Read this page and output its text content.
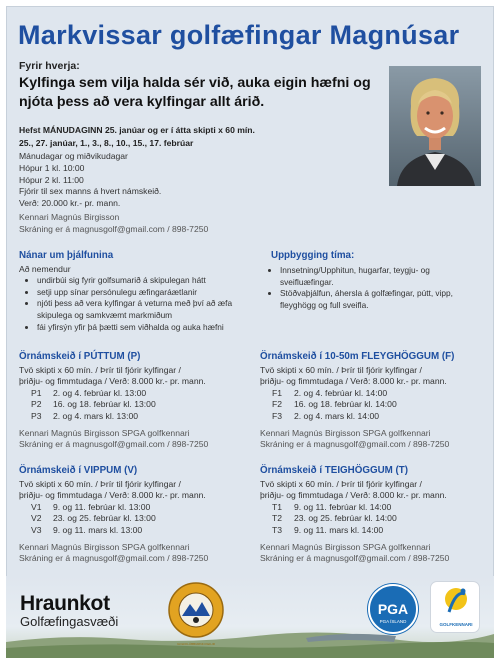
Markvissar golfæfingar Magnúsar
Fyrir hverja:
Kylfinga sem vilja halda sér við, auka eigin hæfni og njóta þess að vera kylfingar allt árið.
Hefst MÁNUDAGINN 25. janúar og er í átta skipti x 60 mín.
25., 27. janúar, 1., 3., 8., 10., 15., 17. febrúar
Mánudagar og miðvikudagar
Hópur 1 kl. 10:00
Hópur 2 kl. 11:00
Fjórir til sex manns á hvert námskeið.
Verð: 20.000 kr.- pr. mann.
Kennari Magnús Birgisson
Skráning er á magnusgolf@gmail.com / 898-7250
Nánar um þjálfunina
Að nemendur
• undirbúi sig fyrir golfsumarið á skipulegan hátt
• setji upp sínar persónulegu æfingaráætlanir
• njóti þess að vera kylfingar á veturna með því að æfa skipulega og samkvæmt markmiðum
• fái yfirsýn yfir þá þætti sem viðhalda og auka hæfni
Uppbygging tíma:
• Innsetning/Upphitun, hugarfar, teygju- og sveifluæfingar.
• Stöðvaþjálfun, áhersla á golfæfingar, pútt, vipp, fleyghögg og full sveifla.
Örnámskeið í PÚTTUM (P)
Tvö skipti x 60 mín. / Þrír til fjórir kylfingar /
þriðju- og fimmtudaga / Verð: 8.000 kr.- pr. mann.
P1	2. og 4. febrúar kl. 13:00
P2	16. og 18. febrúar kl. 13:00
P3	2. og 4. mars kl. 13:00
Kennari Magnús Birgisson SPGA golfkennari
Skráning er á magnusgolf@gmail.com / 898-7250
Örnámskeið í 10-50m FLEYGHÖGGUM (F)
Tvö skipti x 60 mín. / Þrír til fjórir kylfingar /
þriðju- og fimmtudaga / Verð: 8.000 kr.- pr. mann.
F1	2. og 4. febrúar kl. 14:00
F2	16. og 18. febrúar kl. 14:00
F3	2. og 4. mars kl. 14:00
Kennari Magnús Birgisson SPGA golfkennari
Skráning er á magnusgolf@gmail.com / 898-7250
Örnámskeið í VIPPUM (V)
Tvö skipti x 60 mín. / Þrír til fjórir kylfingar /
þriðju- og fimmtudaga / Verð: 8.000 kr.- pr. mann.
V1	9. og 11. febrúar kl. 13:00
V2	23. og 25. febrúar kl. 13:00
V3	9. og 11. mars kl. 13:00
Kennari Magnús Birgisson SPGA golfkennari
Skráning er á magnusgolf@gmail.com / 898-7250
Örnámskeið í TEIGHÖGGUM (T)
Tvö skipti x 60 mín. / Þrír til fjórir kylfingar /
þriðju- og fimmtudaga / Verð: 8.000 kr.- pr. mann.
T1	9. og 11. febrúar kl. 14:00
T2	23. og 25. febrúar kl. 14:00
T3	9. og 11. mars kl. 14:00
Kennari Magnús Birgisson SPGA golfkennari
Skráning er á magnusgolf@gmail.com / 898-7250
Hraunkot
Golfæfingasvæði
GOLFKLÚBBURINN KEILIR
PGA
PGA ÍSLAND
GOLFKENNARI
